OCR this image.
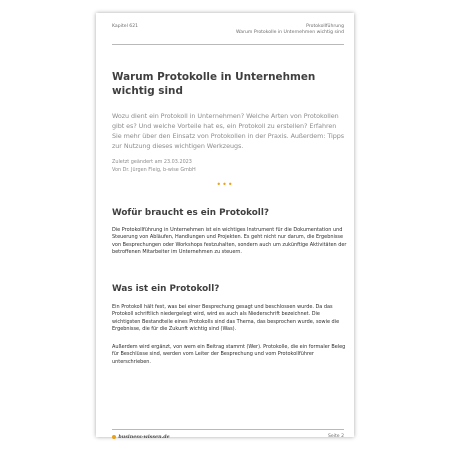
Kapitel 621	Protokollführung
Warum Protokolle in Unternehmen wichtig sind
Warum Protokolle in Unternehmen wichtig sind
Wozu dient ein Protokoll in Unternehmen? Welche Arten von Protokollen gibt es? Und welche Vorteile hat es, ein Protokoll zu erstellen? Erfahren Sie mehr über den Einsatz von Protokollen in der Praxis. Außerdem: Tipps zur Nutzung dieses wichtigen Werkzeugs.
Zuletzt geändert am 23.03.2023
Von Dr. Jürgen Fleig, b-wise GmbH
•••
Wofür braucht es ein Protokoll?
Die Protokollführung in Unternehmen ist ein wichtiges Instrument für die Dokumentation und Steuerung von Abläufen, Handlungen und Projekten. Es geht nicht nur darum, die Ergebnisse von Besprechungen oder Workshops festzuhalten, sondern auch um zukünftige Aktivitäten der betroffenen Mitarbeiter im Unternehmen zu steuern.
Was ist ein Protokoll?
Ein Protokoll hält fest, was bei einer Besprechung gesagt und beschlossen wurde. Da das Protokoll schriftlich niedergelegt wird, wird es auch als Niederschrift bezeichnet. Die wichtigsten Bestandteile eines Protokolls sind das Thema, das besprochen wurde, sowie die Ergebnisse, die für die Zukunft wichtig sind (Was).
Außerdem wird ergänzt, von wem ein Beitrag stammt (Wer). Protokolle, die ein formaler Beleg für Beschlüsse sind, werden vom Leiter der Besprechung und vom Protokollführer unterschrieben.
business-wissen.de	Seite 2
